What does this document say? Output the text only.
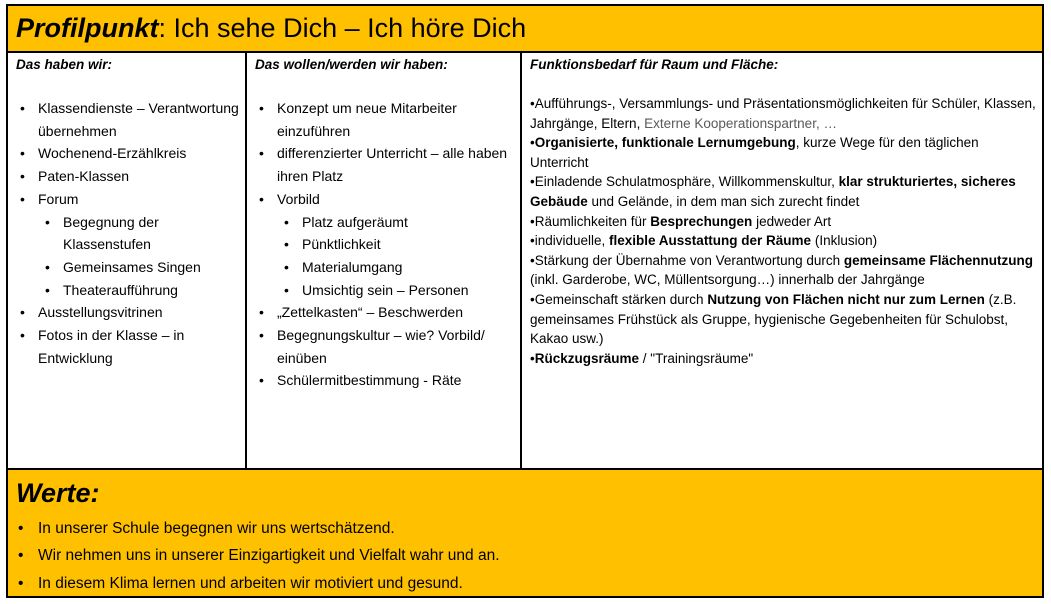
Profilpunkt: Ich sehe Dich – Ich höre Dich
Das haben wir:
• Klassendienste – Verantwortung übernehmen
• Wochenend-Erzählkreis
• Paten-Klassen
• Forum
• Begegnung der Klassenstufen
• Gemeinsames Singen
• Theateraufführung
• Ausstellungsvitrinen
• Fotos in der Klasse – in Entwicklung
Das wollen/werden wir haben:
• Konzept um neue Mitarbeiter einzuführen
• differenzierter Unterricht – alle haben ihren Platz
• Vorbild
• Platz aufgeräumt
• Pünktlichkeit
• Materialumgang
• Umsichtig sein – Personen
• „Zettelkasten“ – Beschwerden
• Begegnungskultur – wie? Vorbild/ einüben
• Schülermitbestimmung - Räte
Funktionsbedarf für Raum und Fläche:

•Aufführungs-, Versammlungs- und Präsentationsmöglichkeiten für Schüler, Klassen, Jahrgänge, Eltern, Externe Kooperationspartner, …

•Organisierte, funktionale Lernumgebung, kurze Wege für den täglichen Unterricht

•Einladende Schulatmosphäre, Willkommenskultur, klar strukturiertes, sicheres Gebäude und Gelände, in dem man sich zurecht findet

•Räumlichkeiten für Besprechungen jedweder Art

•individuelle, flexible Ausstattung der Räume (Inklusion)

•Stärkung der Übernahme von Verantwortung durch gemeinsame Flächennutzung (inkl. Garderobe, WC, Müllentsorgung…) innerhalb der Jahrgänge

•Gemeinschaft stärken durch Nutzung von Flächen nicht nur zum Lernen (z.B. gemeinsames Frühstück als Gruppe, hygienische Gegebenheiten für Schulobst, Kakao usw.)

•Rückzugsräume / "Trainingsräume"

Werte:
• In unserer Schule begegnen wir uns wertschätzend.
• Wir nehmen uns in unserer Einzigartigkeit und Vielfalt wahr und an.
• In diesem Klima lernen und arbeiten wir motiviert und gesund.
